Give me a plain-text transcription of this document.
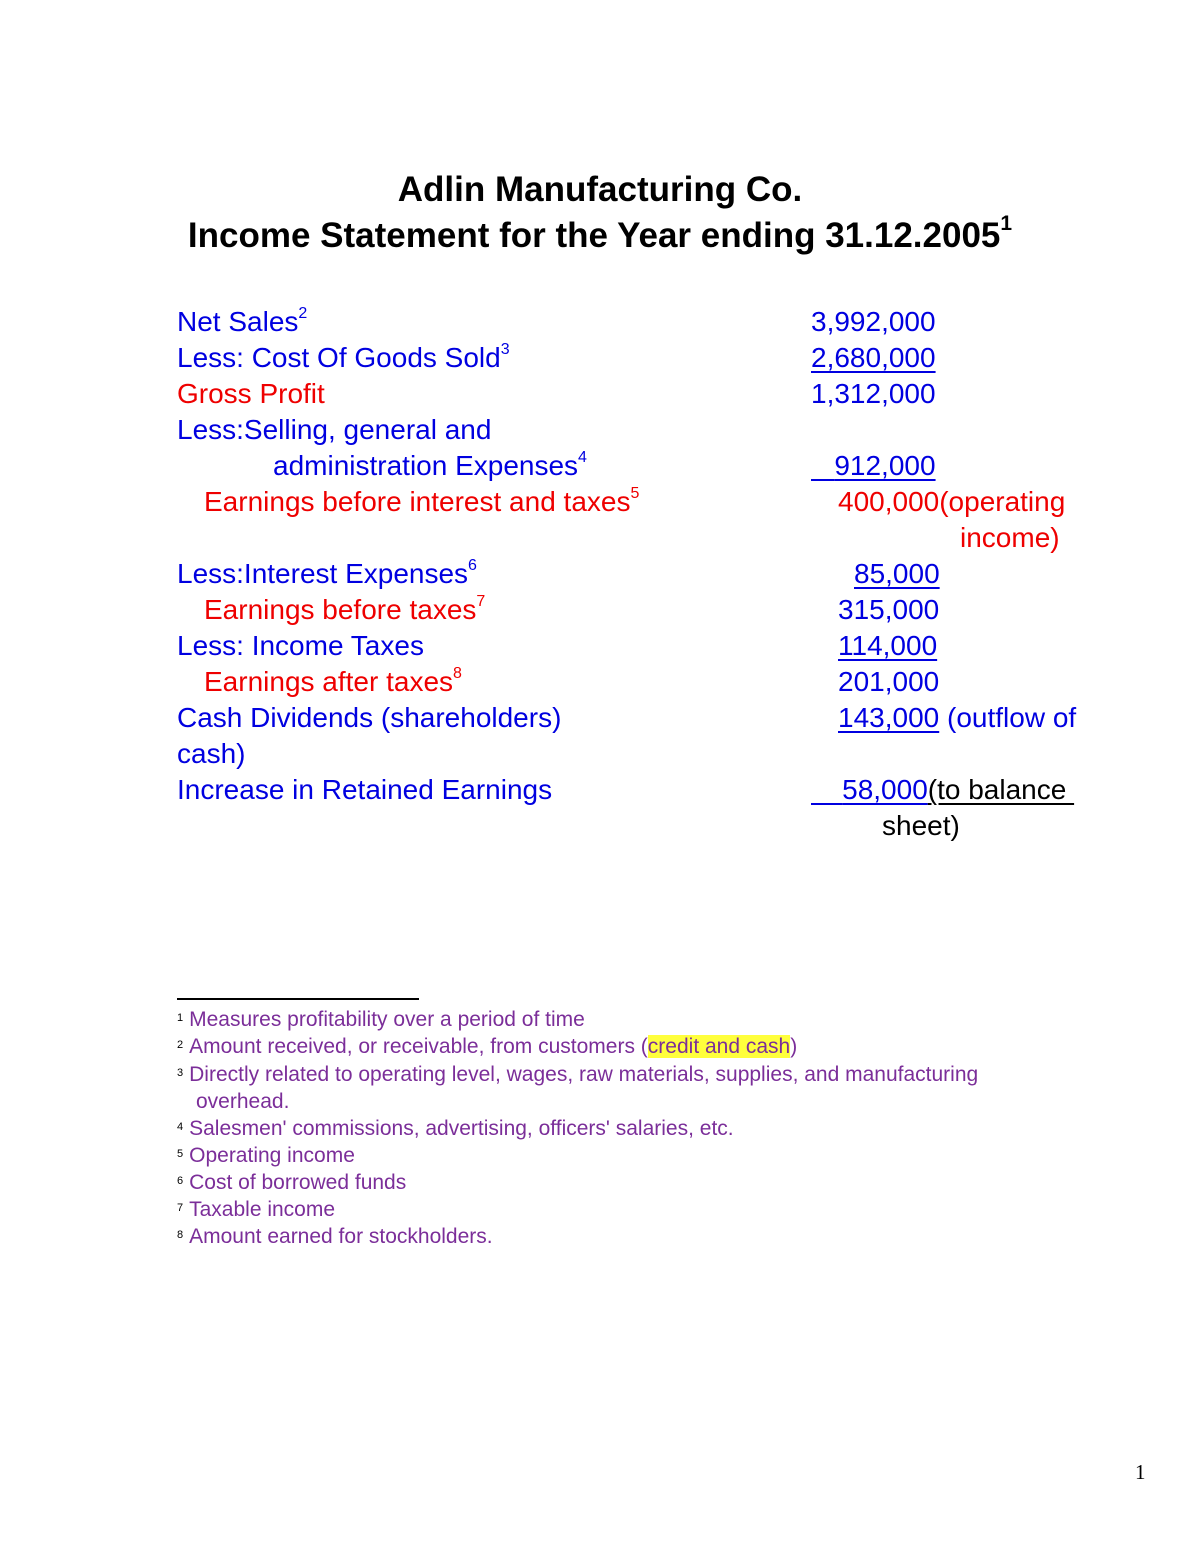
Adlin Manufacturing Co.
Income Statement for the Year ending 31.12.2005$^1$
Net Sales$^2$	3,992,000
Less: Cost Of Goods Sold$^3$	2,680,000
Gross Profit	1,312,000
Less:Selling, general and
administration Expenses$^4$	912,000
Earnings before interest and taxes$^5$	400,000(operating
income)
Less:Interest Expenses$^6$	85,000
Earnings before taxes$^7$	315,000
Less: Income Taxes	114,000
Earnings after taxes$^8$	201,000
Cash Dividends (shareholders)	143,000 (outflow of
cash)
Increase in Retained Earnings	58,000(to balance
sheet)
$^1$ Measures profitability over a period of time
$^2$ Amount received, or receivable, from customers (credit and cash)
$^3$ Directly related to operating level, wages, raw materials, supplies, and manufacturing
overhead.
$^4$ Salesmen' commissions, advertising, officers' salaries, etc.
$^5$ Operating income
$^6$ Cost of borrowed funds
$^7$ Taxable income
$^8$ Amount earned for stockholders.
1
